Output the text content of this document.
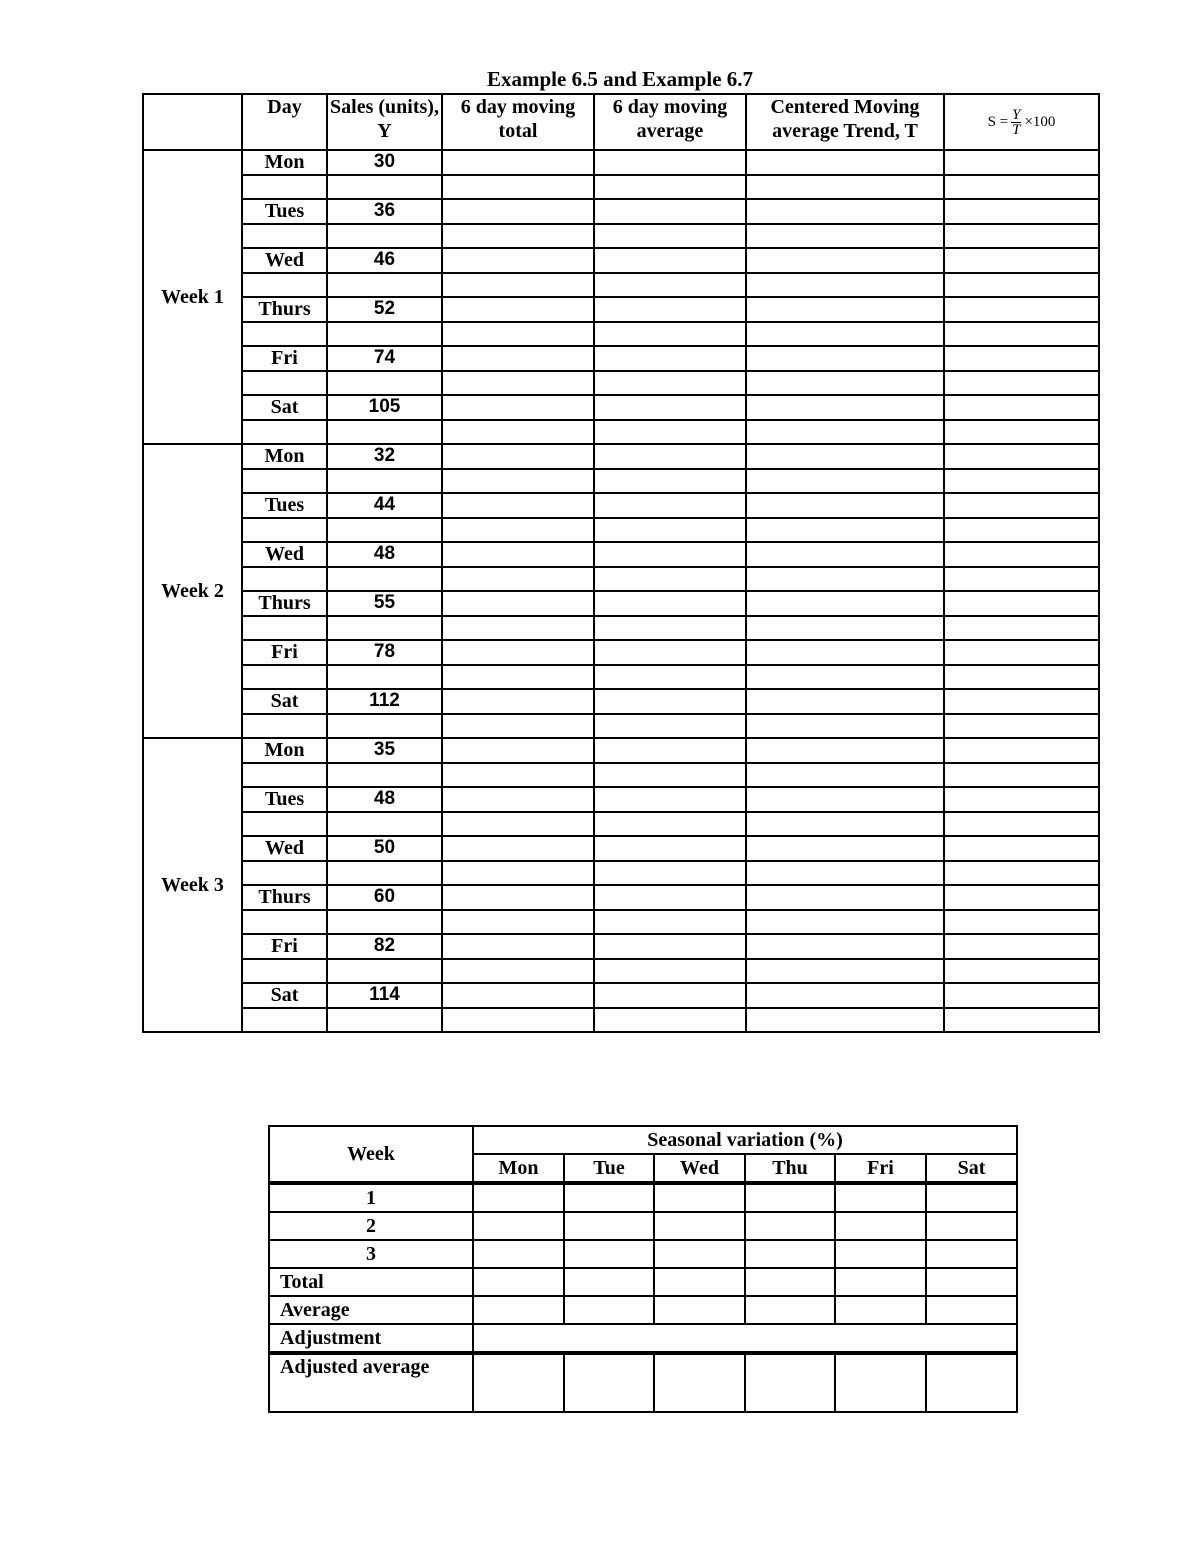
Example 6.5 and Example 6.7
	Day	Sales (units), Y	6 day moving total	6 day moving average	Centered Moving average Trend, T	$S = \frac{Y}{T} \times 100$

Week 1	Mon	30				

	Tues	36				

	Wed	46				

	Thurs	52				

	Fri	74				

	Sat	105				

Week 2	Mon	32				

	Tues	44				

	Wed	48				

	Thurs	55				

	Fri	78				

	Sat	112				

Week 3	Mon	35				

	Tues	48				

	Wed	50				

	Thurs	60				

	Fri	82				

	Sat	114				

Week	Seasonal variation (%)					
	Mon	Tue	Wed	Thu	Fri	Sat
1						
2						
3						
Total						
Average						
Adjustment						
Adjusted average						
